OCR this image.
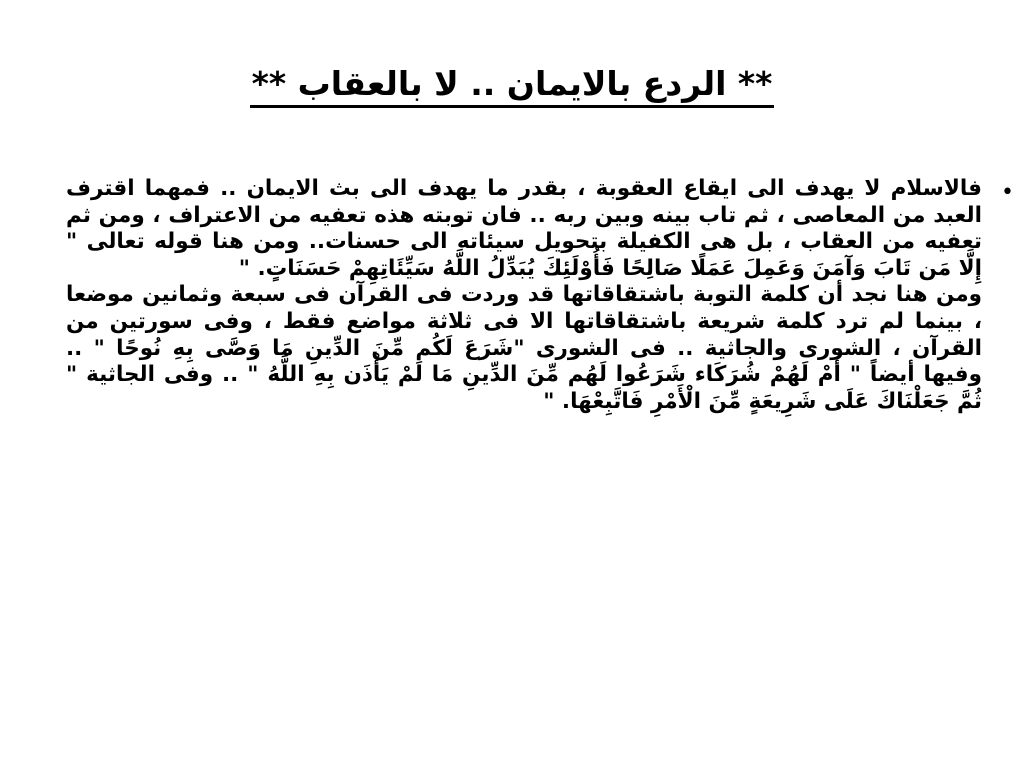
** الردع بالايمان .. لا بالعقاب **
•

فالاسلام لا يهدف الى ايقاع العقوبة ، بقدر ما يهدف الى بث الايمان .. فمهما اقترف العبد من المعاصى ، ثم تاب بينه وبين ربه .. فان توبته هذه تعفيه من الاعتراف ، ومن ثم تعفيه من العقاب ، بل هى الكفيلة بتحويل سيئاته الى حسنات.. ومن هنا قوله تعالى " إِلَّا مَن تَابَ وَآمَنَ وَعَمِلَ عَمَلًا صَالِحًا فَأُوْلَئِكَ يُبَدِّلُ اللَّهُ سَيِّئَاتِهِمْ حَسَنَاتٍ. "
ومن هنا نجد أن كلمة التوبة باشتقاقاتها قد وردت فى القرآن فى سبعة وثمانين موضعا ، بينما لم ترد كلمة شريعة باشتقاقاتها الا فى ثلاثة مواضع فقط ، وفى سورتين من القرآن ، الشورى والجاثية .. فى الشورى "شَرَعَ لَكُم مِّنَ الدِّينِ مَا وَصَّى بِهِ نُوحًا " .. وفيها أيضاً " أَمْ لَهُمْ شُرَكَاء شَرَعُوا لَهُم مِّنَ الدِّينِ مَا لَمْ يَأْذَن بِهِ اللَّهُ " .. وفى الجاثية " ثُمَّ جَعَلْنَاكَ عَلَى شَرِيعَةٍ مِّنَ الْأَمْرِ فَاتَّبِعْهَا. "
